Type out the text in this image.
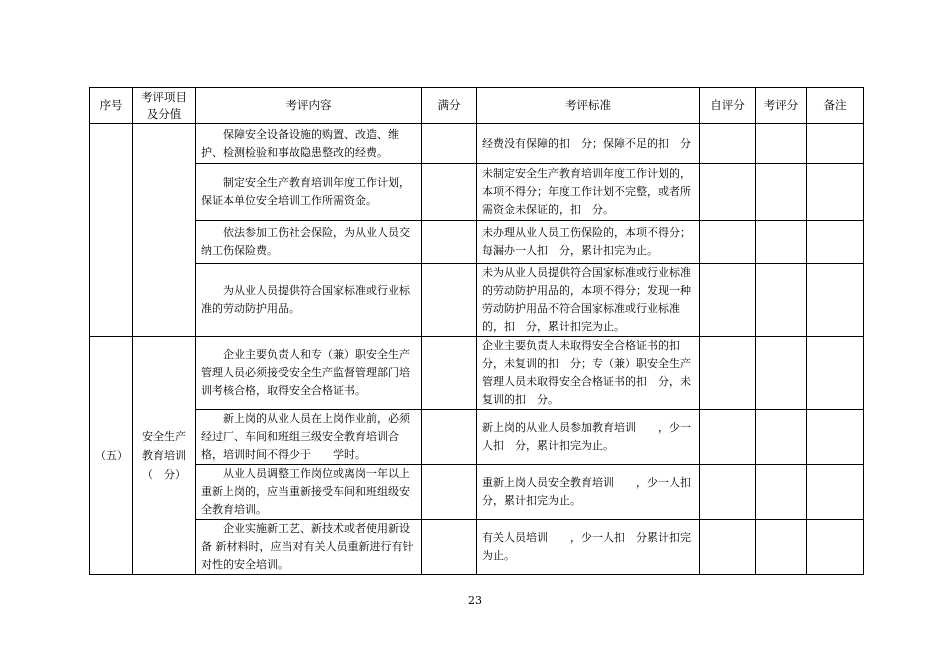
序号	考评项目及分值	考评内容	满分	考评标准	自评分	考评分	备注
		保障安全设备设施的购置、改造、维护、检测检验和事故隐患整改的经费。		经费没有保障的扣　分；保障不足的扣　分			
		制定安全生产教育培训年度工作计划，保证本单位安全培训工作所需资金。		未制定安全生产教育培训年度工作计划的，本项不得分；年度工作计划不完整，或者所需资金未保证的，扣　分。			
		依法参加工伤社会保险，为从业人员交纳工伤保险费。		未办理从业人员工伤保险的，本项不得分；每漏办一人扣　分，累计扣完为止。			
		为从业人员提供符合国家标准或行业标准的劳动防护用品。		未为从业人员提供符合国家标准或行业标准的劳动防护用品的，本项不得分；发现一种劳动防护用品不符合国家标准或行业标准的，扣　分，累计扣完为止。			
（五）	安全生产
教育培训
（　分）	企业主要负责人和专（兼）职安全生产管理人员必须接受安全生产监督管理部门培训考核合格，取得安全合格证书。		企业主要负责人未取得安全合格证书的扣　分，未复训的扣　分；专（兼）职安全生产管理人员未取得安全合格证书的扣　分，未复训的扣　分。			
		新上岗的从业人员在上岗作业前，必须经过厂、车间和班组三级安全教育培训合格，培训时间不得少于　　学时。		新上岗的从业人员参加教育培训　　，少一人扣　分，累计扣完为止。			
		从业人员调整工作岗位或离岗一年以上重新上岗的，应当重新接受车间和班组级安全教育培训。		重新上岗人员安全教育培训　　，少一人扣　分，累计扣完为止。			
		企业实施新工艺、新技术或者使用新设备 新材料时，应当对有关人员重新进行有针对性的安全培训。		有关人员培训　　，少一人扣　分累计扣完为止。			
23
